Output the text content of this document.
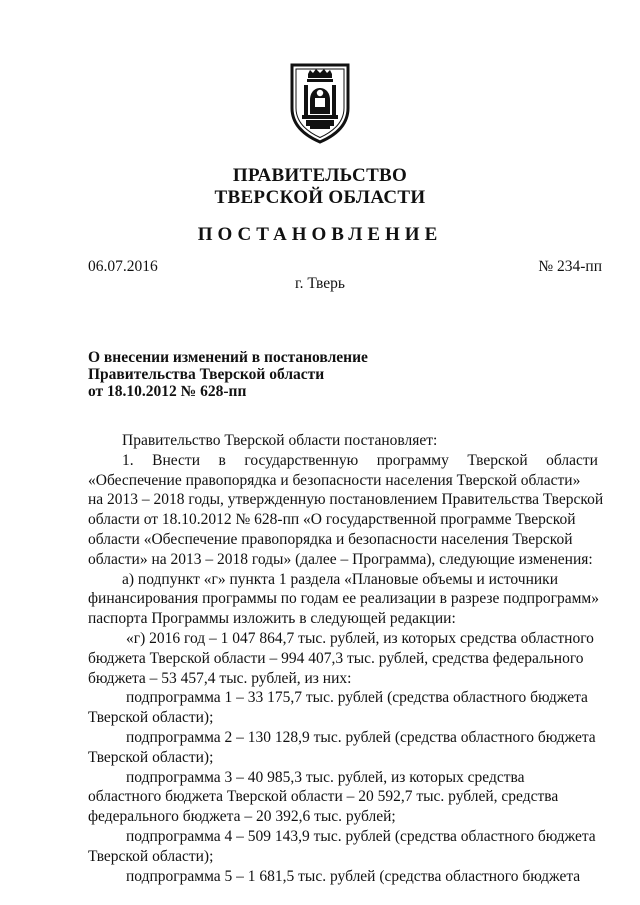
ПРАВИТЕЛЬСТВО
ТВЕРСКОЙ ОБЛАСТИ
ПОСТАНОВЛЕНИЕ
06.07.2016	№ 234-пп
г. Тверь
О внесении изменений в постановление
Правительства Тверской области
от 18.10.2012 № 628-пп
Правительство Тверской области постановляет:
1. Внести в государственную программу Тверской области
«Обеспечение правопорядка и безопасности населения Тверской области»
на 2013 – 2018 годы, утвержденную постановлением Правительства Тверской
области от 18.10.2012 № 628-пп «О государственной программе Тверской
области «Обеспечение правопорядка и безопасности населения Тверской
области» на 2013 – 2018 годы» (далее – Программа), следующие изменения:
а) подпункт «г» пункта 1 раздела «Плановые объемы и источники
финансирования программы по годам ее реализации в разрезе подпрограмм»
паспорта Программы изложить в следующей редакции:
«г) 2016 год – 1 047 864,7 тыс. рублей, из которых средства областного
бюджета Тверской области – 994 407,3 тыс. рублей, средства федерального
бюджета – 53 457,4 тыс. рублей, из них:
подпрограмма 1 – 33 175,7 тыс. рублей (средства областного бюджета
Тверской области);
подпрограмма 2 – 130 128,9 тыс. рублей (средства областного бюджета
Тверской области);
подпрограмма 3 – 40 985,3 тыс. рублей, из которых средства
областного бюджета Тверской области – 20 592,7 тыс. рублей, средства
федерального бюджета – 20 392,6 тыс. рублей;
подпрограмма 4 – 509 143,9 тыс. рублей (средства областного бюджета
Тверской области);
подпрограмма 5 – 1 681,5 тыс. рублей (средства областного бюджета
